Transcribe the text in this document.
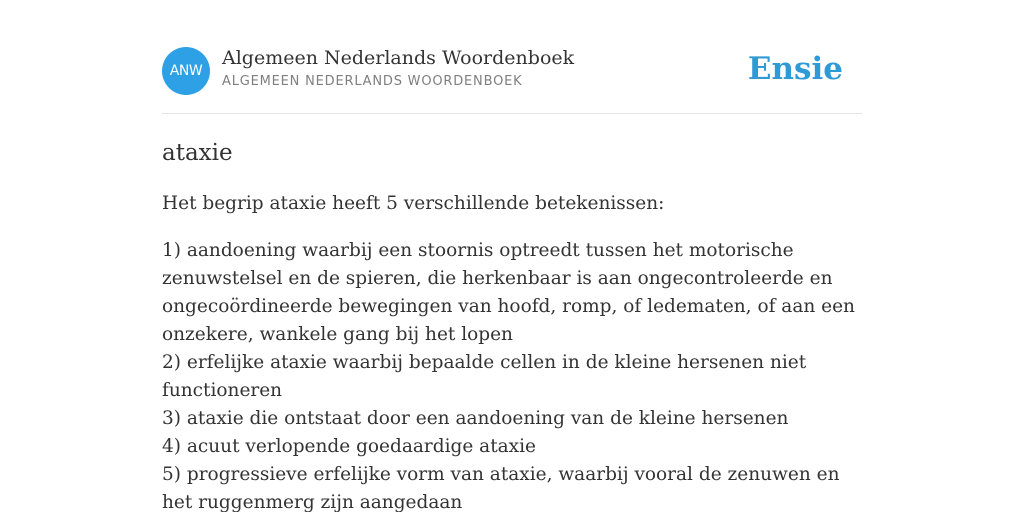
ANW
Algemeen Nederlands Woordenboek
ALGEMEEN NEDERLANDS WOORDENBOEK	Ensie
ataxie

Het begrip ataxie heeft 5 verschillende betekenissen:

1) aandoening waarbij een stoornis optreedt tussen het motorische zenuwstelsel en de spieren, die herkenbaar is aan ongecontroleerde en ongecoördineerde bewegingen van hoofd, romp, of ledematen, of aan een onzekere, wankele gang bij het lopen
2) erfelijke ataxie waarbij bepaalde cellen in de kleine hersenen niet functioneren
3) ataxie die ontstaat door een aandoening van de kleine hersenen
4) acuut verlopende goedaardige ataxie
5) progressieve erfelijke vorm van ataxie, waarbij vooral de zenuwen en het ruggenmerg zijn aangedaan
